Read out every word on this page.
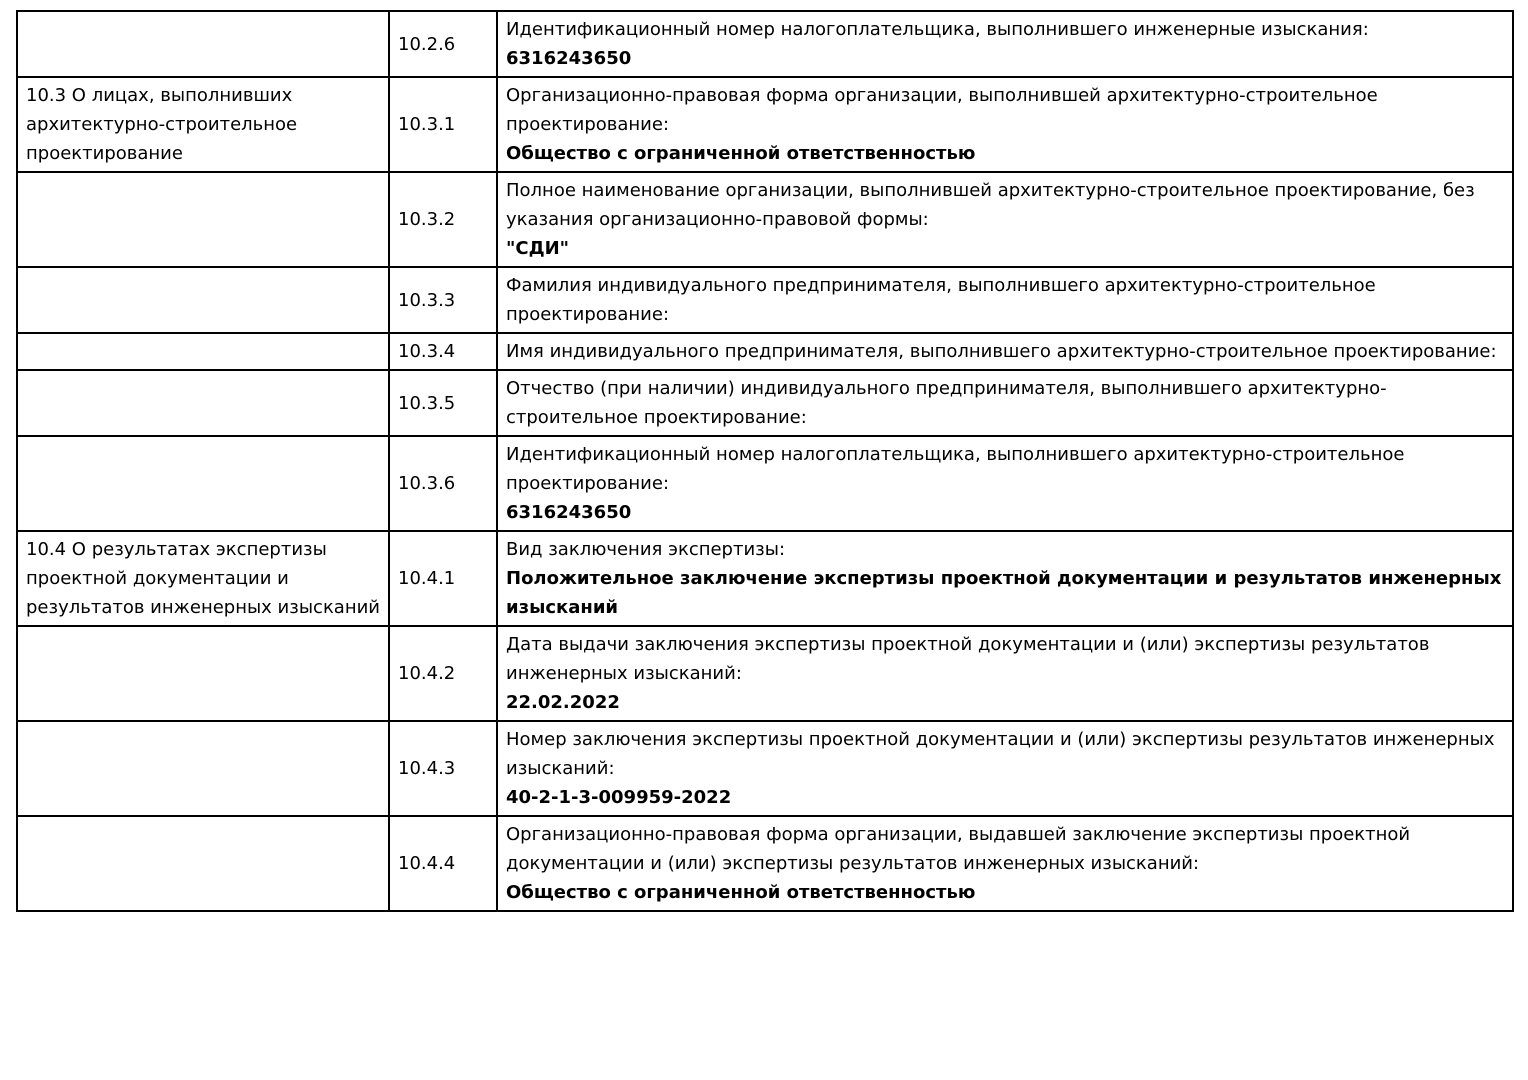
	10.2.6	Идентификационный номер налогоплательщика, выполнившего инженерные изыскания:
6316243650

10.3 О лицах, выполнивших архитектурно-строительное проектирование	10.3.1	Организационно-правовая форма организации, выполнившей архитектурно-строительное проектирование:
Общество с ограниченной ответственностью

	10.3.2	Полное наименование организации, выполнившей архитектурно-строительное проектирование, без указания организационно-правовой формы:
"СДИ"

	10.3.3	Фамилия индивидуального предпринимателя, выполнившего архитектурно-строительное проектирование:

	10.3.4	Имя индивидуального предпринимателя, выполнившего архитектурно-строительное проектирование:

	10.3.5	Отчество (при наличии) индивидуального предпринимателя, выполнившего архитектурно-строительное проектирование:

	10.3.6	Идентификационный номер налогоплательщика, выполнившего архитектурно-строительное проектирование:
6316243650

10.4 О результатах экспертизы проектной документации и результатов инженерных изысканий	10.4.1	Вид заключения экспертизы:
Положительное заключение экспертизы проектной документации и результатов инженерных изысканий

	10.4.2	Дата выдачи заключения экспертизы проектной документации и (или) экспертизы результатов инженерных изысканий:
22.02.2022

	10.4.3	Номер заключения экспертизы проектной документации и (или) экспертизы результатов инженерных изысканий:
40-2-1-3-009959-2022

	10.4.4	Организационно-правовая форма организации, выдавшей заключение экспертизы проектной документации и (или) экспертизы результатов инженерных изысканий:
Общество с ограниченной ответственностью
